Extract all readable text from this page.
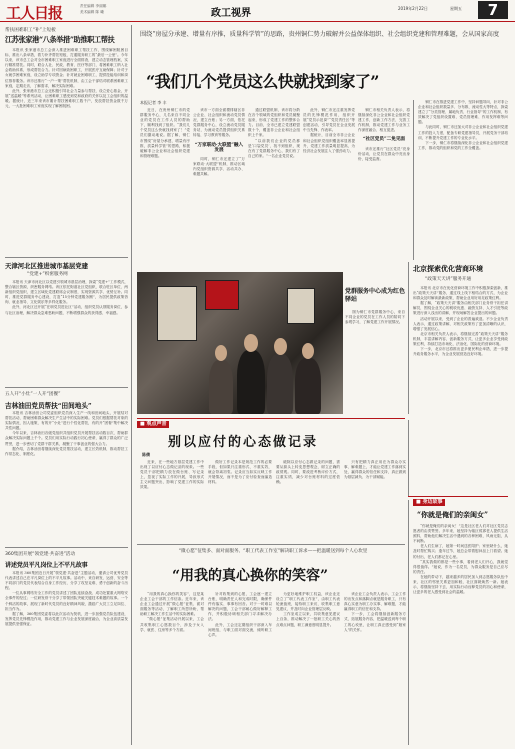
工人日报	责任编辑 李丽娜
美术编辑 陈 曦	政工视界	2019年2月22日	星期五	7
帮扶困难职工“补”上短板
江苏张家港“八条举措”助推职工帮扶

本报讯 张家港市总工会深入推进困难职工帮扶工作，围绕解困脱困目标，推出八条举措，着力补齐帮扶短板，打通服务职工的“最后一公里”。今年以来，该市总工会对全市困难职工家庭进行全面排查，建立动态管理档案，实行精准帮扶。同时，联合人社、民政、教育、医疗等部门，将困难职工纳入社会救助体系，形成帮扶合力。针对因病致困职工，开展医疗互助保障；针对子女就学困难家庭，设立助学专项资金；针对就业困难职工，提供技能培训和岗位推荐服务。该市还推行“一户一策”帮扶机制，由工会干部结对联系困难职工家庭，定期走访，了解需求，解决实际困难。

此外，张家港市总工会还积极引导社会力量参与帮扶，设立爱心基金，开展“送温暖”等系列活动，让困难职工感受到党和政府的关怀以及工会组织的温暖。据统计，近三年来该市累计帮扶困难职工数千户，发放帮扶资金数千万元，一大批困难职工家庭实现了解困脱困。

天津河北区推进城市基层党建
“党建+”织密服务网

本报讯 天津市河北区以党建引领城市基层治理，探索“党建+”工作模式，整合辖区资源，织密服务网络。该区依托街道社区党组织，联合驻区单位、两新组织党组织，建立区域化党建联席会议制度，实现资源共享、优势互补。同时，推进党群服务中心建设，打造“15分钟党建服务圈”，为居民提供政策咨询、就业指导、文化娱乐等多样化服务。

此外，河北区还开展“在职党员进社区”活动，组织党员认领服务岗位，参与社区治理，解决群众急难愁盼问题，不断增强群众的获得感、幸福感。

五人开“小灶”一人开“团餐”
吉林油田党员帮扶“田间地头”

本报讯 吉林油田公司党委组织党员深入生产一线和田间地头，开展结对帮扶活动，帮助困难群众解决生产生活中的实际困难。党员们根据帮扶对象的实际情况，因人施策，有的开“小灶”进行个性化帮扶，有的开“团餐”集中解决共性问题。

今年以来，吉林油田各级党组织共组织党员开展帮扶活动数百次，帮助群众解决实际问题上千个。党员们用实际行动践行初心使命，赢得了群众的广泛赞誉，进一步密切了党群干群关系，凝聚了干事创业的强大合力。

据介绍，吉林油田将继续深化党员帮扶活动，建立长效机制，推动帮扶工作常态化、制度化。

360集团开展“领党建·共奋进”活动
讲述党员平凡岗位上不平凡故事

本报讯 360集团近日开展“领党建·共奋进”主题活动，邀请公司优秀党员代表讲述自己在平凡岗位上的不平凡故事。活动中，来自研发、运营、安全等不同部门的党员代表结合自身工作经历，分享了攻坚克难、勇于创新的奋斗历程。

一位从事网络安全工作的党员讲述了团队连续奋战、成功处置重大网络安全事件的经过；一位研发骨干分享了带领团队突破关键技术难题的故事。一个个鲜活的故事，展现了新时代党员的良好精神风貌，激励广大员工立足岗位、担当作为。

据了解，360集团党委将以此次活动为契机，进一步加强党员队伍建设，发挥党员先锋模范作用，推动党建工作与企业发展深度融合，为企业高质量发展提供坚强保证。

围绕“房屋分承建、增量有序推，质量科学管”的思路，贵州铜仁势力破解并公益保体组织、社会组织党建和管理难题，会从国家高度
“我们几个党员这么快就找到家了”
本报记者 李 丰

近日，在贵州铜仁市的党群服务中心，几名来自不同企业的党员在工作人员的帮助下，顺利找到了组织。“我们几个党员这么快就找到家了！”党员们激动地说。据了解，铜仁市围绕“房屋分承建、增量有序推，质量科学管”的思路，积极破解非公企业和社会组织党建和管理难题。

该市一方面全面摸排辖区非公企业、社会组织和流动党员情况，建立台账；另一方面，依托党群服务中心，设立流动党员服务站，为流动党员提供组织关系转接、学习教育等服务。

“万家联动·大联盟”融入发展

同时，铜仁市还建立了“万家联动·大联盟”机制，推动区域内党组织资源共享、活动共办、难题共解。

通过联盟机制，该市将分散在各个领域的党组织和党员凝聚起来，形成了党建工作的整体合力。目前，全市已建立党建联盟数十个，覆盖非公企业和社会组织上千家。

“以前我们企业的党员都是‘口袋党员’，找不到组织，现在有了党群服务中心，我们有了自己的家。”一名企业党员说。

此外，铜仁市还注重发挥党员的先锋模范作用，组织开展“党员示范岗”“党员责任区”等创建活动，引导党员在企业发展中当先锋、作表率。

据统计，目前全市非公企业和社会组织党组织覆盖率显著提升，党建工作质量明显提高，为经济社会发展注入了强劲动力。

铜仁市相关负责人表示，将继续深化非公企业和社会组织党建工作，创新工作方法，完善工作机制，推动党建工作与业务工作深度融合、相互促进。

“社区党员”二免见面

该市还推行“社区党员”亮身份活动，让党员在群众中亮出身份，接受监督。

铜仁市在推进党建工作中，坚持问题导向，针对非公企业和社会组织数量多、分布散、流动性大等特点，探索建立了“分类管理、属地负责、行业指导”的工作机制，有效解决了党组织设置难、党员管理难、作用发挥难等问题。

与此同时，铜仁市还加大对非公企业和社会组织党建工作的投入力度，配备专职党建指导员，开展党务干部培训，不断提升党建工作的专业化水平。

下一步，铜仁市将继续深化非公企业和社会组织党建工作，推动党的组织和党的工作全覆盖。

党群服务中心成为红色驿站

图为铜仁市党群服务中心，来自不同企业的党员在工作人员的陪同下参观学习，了解党建工作开展情况。

北京探索优化营商环境
“政策天天讲”服务开通

本报讯 北京市在优化营商环境工作中积极探索创新，推出“政策天天讲”服务，通过线上线下相结合的方式，为企业和群众及时解读最新政策，帮助企业用好用足政策红利。

据了解，“政策天天讲”服务由相关部门业务骨干担任讲解员，围绕企业关心的税收优惠、融资支持、人才引进等政策进行深入浅出的讲解，并现场解答企业提出的问题。

活动开展以来，受到了企业的普遍欢迎。不少企业负责人表示，通过政策讲解，对相关政策有了更加清晰的认识，增强了发展信心。

北京市相关负责人表示，将继续完善“政策天天讲”服务机制，丰富讲解内容，创新服务方式，让更多企业享受到政策红利，持续打造市场化、法治化、国际化的营商环境。

下一步，北京市还将推出更多便民利企举措，进一步提升政务服务水平，为企业发展营造良好环境。

■ 观点声音
别以应付的心态做记录
陈倩

近来，在一些地方基层党建工作中出现了以应付心态做记录的现象。一些党员干部把精力放在做台账、写记录上，忽视了实际工作的开展，导致形式主义问题突出，影响了党建工作的实际效果。

做好工作记录本是规范工作的必要手段，但如果只注重形式、不重实效，就会背离初衷。记录应当如实反映工作开展情况，而不是为了应付检查而编造材料。

破除以应付心态做记录的问题，需要从源头上转变思想观念，树立正确的政绩观。同时，要改进考核评价方式，注重实绩，减少对台账材料的过度依赖。

只有把精力真正用在为群众办实事、解难题上，才能让党建工作落到实处，赢得群众的信任和支持，真正做到为基层减负、为干部赋能。

■ 身边故事
“你就是俺们的亲闺女”

“你就是俺们的亲闺女！”这是社区老人们对社区党员志愿者的由衷赞誉。多年来，她坚持为辖区孤寡老人提供生活照料，帮助他们解决生活中遇到的各种困难，风雨无阻，从不间断。

老人们生病了，她第一时间送医陪护；家里缺什么，她及时帮忙购买；逢年过节，她总会带着慰问品上门看望。她的付出，老人们都记在心里。

“其实我做的都是一些小事，看到老人们开心，我就觉得很值得。”她说，作为一名党员，为群众服务是自己应尽的责任。

在她的带动下，越来越多的居民加入到志愿服务队伍中来，社区的邻里关系更加和睦，社区面貌焕然一新。她表示，将继续坚持下去，用实际行动诠释党员的初心和使命，让更多的老人感受到社会的温暖。

“微心愿”征集多、面对面服务、“职工代表工作室”解决职工诉求——把温暖送到每个人心坎里
“用我的真心换你的笑容”

“用我的真心换你的笑容”，这是某企业工会干部的工作信条。近年来，该企业工会通过开展“微心愿”征集、面对面服务等活动，了解职工所思所盼，帮助职工解决工作生活中的实际困难。

“微心愿”征集活动开展以来，工会共收集职工心愿数百个，涉及子女入学、就医、住房等多个方面。

针对收集到的心愿，工会逐一建立台账，明确责任人和完成时限，确保件件有落实、事事有回音。对于一时难以解决的问题，工会干部耐心做好解释工作，并积极协调相关部门寻求解决办法。

此外，工会还定期组织干部深入车间班组，与职工面对面交流，倾听职工心声。

为更好地维护职工权益，该企业还设立了“职工代表工作室”，由职工代表轮流值班，接待职工来访，收集职工意见建议，并及时向企业管理层反映。

工作室成立以来，共收集意见建议上百条，推动解决了一批职工关心的热点难点问题，职工满意度明显提升。

该企业工会负责人表示，工会工作的出发点和落脚点就是服务职工，只有真心实意为职工办实事、解难题，才能赢得职工的信任和支持。

下一步，工会将继续创新服务方式，拓展服务内容，把温暖送到每个职工的心坎里，让职工真正感受到“娘家人”的关怀。
